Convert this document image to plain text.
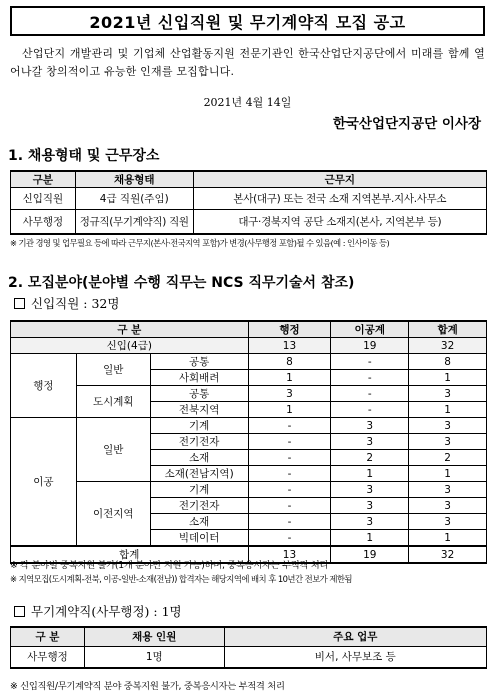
2021년 신입직원 및 무기계약직 모집 공고

산업단지 개발관리 및 기업체 산업활동지원 전문기관인 한국산업단지공단에서 미래를 함께 열어나갈 창의적이고 유능한 인재를 모집합니다.

2021년 4월 14일
한국산업단지공단 이사장
1. 채용형태 및 근무장소
구분	채용형태	근무지
신입직원	4급 직원(주임)	본사(대구) 또는 전국 소재 지역본부.지사.사무소
사무행정	정규직(무기계약직) 직원	대구·경북지역 공단 소재지(본사, 지역본부 등)
※ 기관 경영 및 업무필요 등에 따라 근무지(본사·전국지역 포함)가 변경(사무행정 포함)될 수 있음(예 : 인사이동 등)
2. 모집분야(분야별 수행 직무는 NCS 직무기술서 참조)
신입직원 : 32명
구 분			행정	이공계	합계
신입(4급)			13	19	32
행정	일반	공통	8	-	8
		사회배려	1	-	1
	도시계획	공통	3	-	3
		전북지역	1	-	1
이공	일반	기계	-	3	3
		전기전자	-	3	3
		소재	-	2	2
		소재(전남지역)	-	1	1
	이전지역	기계	-	3	3
		전기전자	-	3	3
		소재	-	3	3
		빅데이터	-	1	1
합계			13	19	32
※ 각 분야별 중복지원 불가(1개 분야만 지원 가능)하며, 중복응시자는 부적격 처리
※ 지역모집(도시계획-전북, 이공-일반-소재(전남)) 합격자는 해당지역에 배치 후 10년간 전보가 제한됨
무기계약직(사무행정) : 1명
구 분	채용 인원	주요 업무
사무행정	1명	비서, 사무보조 등
※ 신입직원/무기계약직 분야 중복지원 불가, 중복응시자는 부적격 처리
